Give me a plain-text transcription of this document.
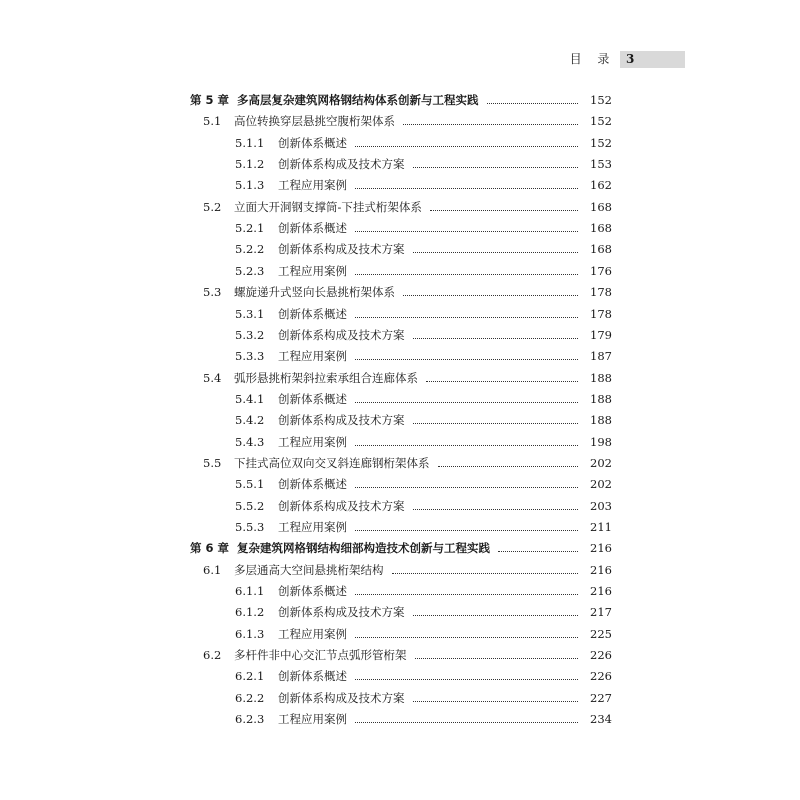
目 录 3
第 5 章 多高层复杂建筑网格钢结构体系创新与工程实践	152
5.1	高位转换穿层悬挑空腹桁架体系	152
5.1.1	创新体系概述	152
5.1.2	创新体系构成及技术方案	153
5.1.3	工程应用案例	162
5.2	立面大开洞钢支撑筒-下挂式桁架体系	168
5.2.1	创新体系概述	168
5.2.2	创新体系构成及技术方案	168
5.2.3	工程应用案例	176
5.3	螺旋递升式竖向长悬挑桁架体系	178
5.3.1	创新体系概述	178
5.3.2	创新体系构成及技术方案	179
5.3.3	工程应用案例	187
5.4	弧形悬挑桁架斜拉索承组合连廊体系	188
5.4.1	创新体系概述	188
5.4.2	创新体系构成及技术方案	188
5.4.3	工程应用案例	198
5.5	下挂式高位双向交叉斜连廊钢桁架体系	202
5.5.1	创新体系概述	202
5.5.2	创新体系构成及技术方案	203
5.5.3	工程应用案例	211
第 6 章 复杂建筑网格钢结构细部构造技术创新与工程实践	216
6.1	多层通高大空间悬挑桁架结构	216
6.1.1	创新体系概述	216
6.1.2	创新体系构成及技术方案	217
6.1.3	工程应用案例	225
6.2	多杆件非中心交汇节点弧形管桁架	226
6.2.1	创新体系概述	226
6.2.2	创新体系构成及技术方案	227
6.2.3	工程应用案例	234
